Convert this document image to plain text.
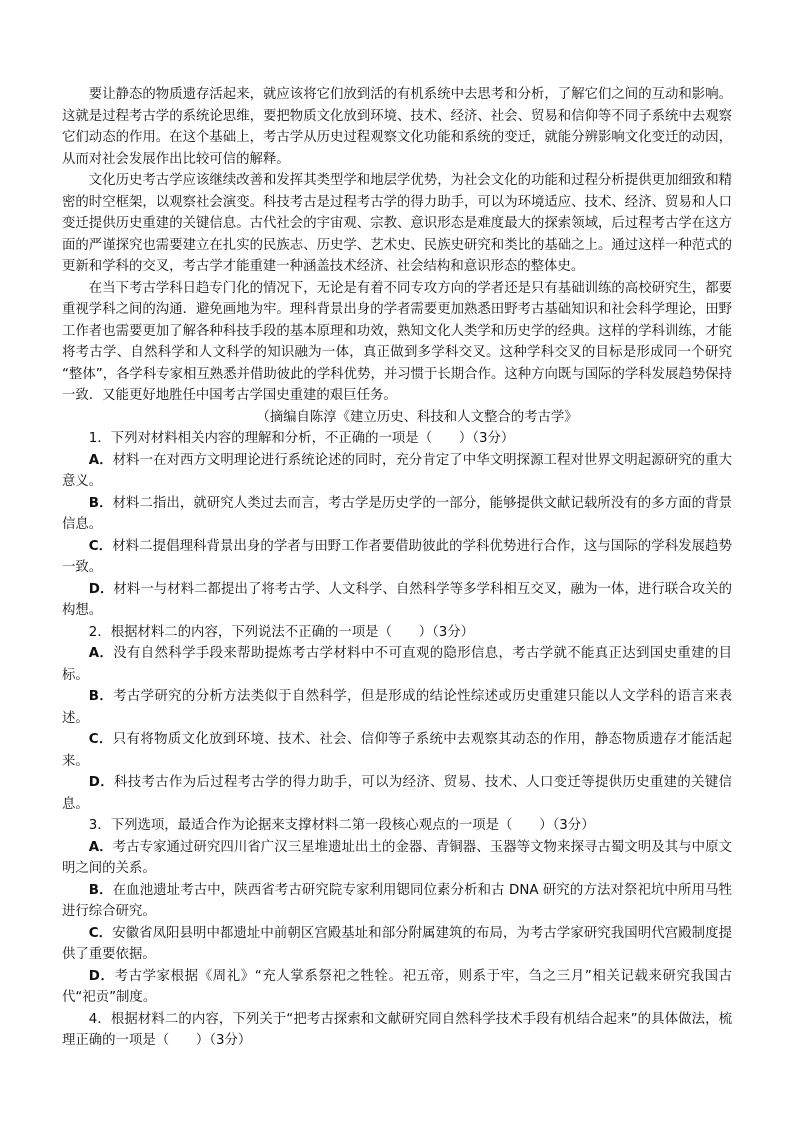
要让静态的物质遗存活起来，就应该将它们放到活的有机系统中去思考和分析，了解它们之间的互动和影响。这就是过程考古学的系统论思维，要把物质文化放到环境、技术、经济、社会、贸易和信仰等不同子系统中去观察它们动态的作用。在这个基础上，考古学从历史过程观察文化功能和系统的变迁，就能分辨影响文化变迁的动因，从而对社会发展作出比较可信的解释。

文化历史考古学应该继续改善和发挥其类型学和地层学优势，为社会文化的功能和过程分析提供更加细致和精密的时空框架，以观察社会演变。科技考古是过程考古学的得力助手，可以为环境适应、技术、经济、贸易和人口变迁提供历史重建的关键信息。古代社会的宇宙观、宗教、意识形态是难度最大的探索领域，后过程考古学在这方面的严谨探究也需要建立在扎实的民族志、历史学、艺术史、民族史研究和类比的基础之上。通过这样一种范式的更新和学科的交叉，考古学才能重建一种涵盖技术经济、社会结构和意识形态的整体史。

在当下考古学科日趋专门化的情况下，无论是有着不同专攻方向的学者还是只有基础训练的高校研究生，都要重视学科之间的沟通．避免画地为牢。理科背景出身的学者需要更加熟悉田野考古基础知识和社会科学理论，田野工作者也需要更加了解各种科技手段的基本原理和功效，熟知文化人类学和历史学的经典。这样的学科训练，才能将考古学、自然科学和人文科学的知识融为一体，真正做到多学科交叉。这种学科交叉的目标是形成同一个研究 “整体”，各学科专家相互熟悉并借助彼此的学科优势，并习惯于长期合作。这种方向既与国际的学科发展趋势保持一致．又能更好地胜任中国考古学国史重建的艰巨任务。

（摘编自陈淳《建立历史、科技和人文整合的考古学》

1．下列对材料相关内容的理解和分析，不正确的一项是（　　）（3分）

A．材料一在对西方文明理论进行系统论述的同时，充分肯定了中华文明探源工程对世界文明起源研究的重大意义。

B．材料二指出，就研究人类过去而言，考古学是历史学的一部分，能够提供文献记载所没有的多方面的背景信息。

C．材料二提倡理科背景出身的学者与田野工作者要借助彼此的学科优势进行合作，这与国际的学科发展趋势一致。

D．材料一与材料二都提出了将考古学、人文科学、自然科学等多学科相互交叉，融为一体，进行联合攻关的构想。

2．根据材料二的内容，下列说法不正确的一项是（　　）（3分）

A．没有自然科学手段来帮助提炼考古学材料中不可直观的隐形信息，考古学就不能真正达到国史重建的目标。

B．考古学研究的分析方法类似于自然科学，但是形成的结论性综述或历史重建只能以人文学科的语言来表述。

C．只有将物质文化放到环境、技术、社会、信仰等子系统中去观察其动态的作用，静态物质遗存才能活起来。

D．科技考古作为后过程考古学的得力助手，可以为经济、贸易、技术、人口变迁等提供历史重建的关键信息。

3．下列选项，最适合作为论据来支撑材料二第一段核心观点的一项是（　　）（3分）

A．考古专家通过研究四川省广汉三星堆遗址出土的金器、青铜器、玉器等文物来探寻古蜀文明及其与中原文明之间的关系。

B．在血池遗址考古中，陕西省考古研究院专家利用锶同位素分析和古 DNA 研究的方法对祭祀坑中所用马牲进行综合研究。

C．安徽省凤阳县明中都遗址中前朝区宫殿基址和部分附属建筑的布局，为考古学家研究我国明代宫殿制度提供了重要依据。

D．考古学家根据《周礼》“充人掌系祭祀之牲牷。祀五帝，则系于牢，刍之三月”相关记载来研究我国古代“祀贡”制度。

4．根据材料二的内容，下列关于“把考古探索和文献研究同自然科学技术手段有机结合起来”的具体做法，梳理正确的一项是（　　）（3分）
